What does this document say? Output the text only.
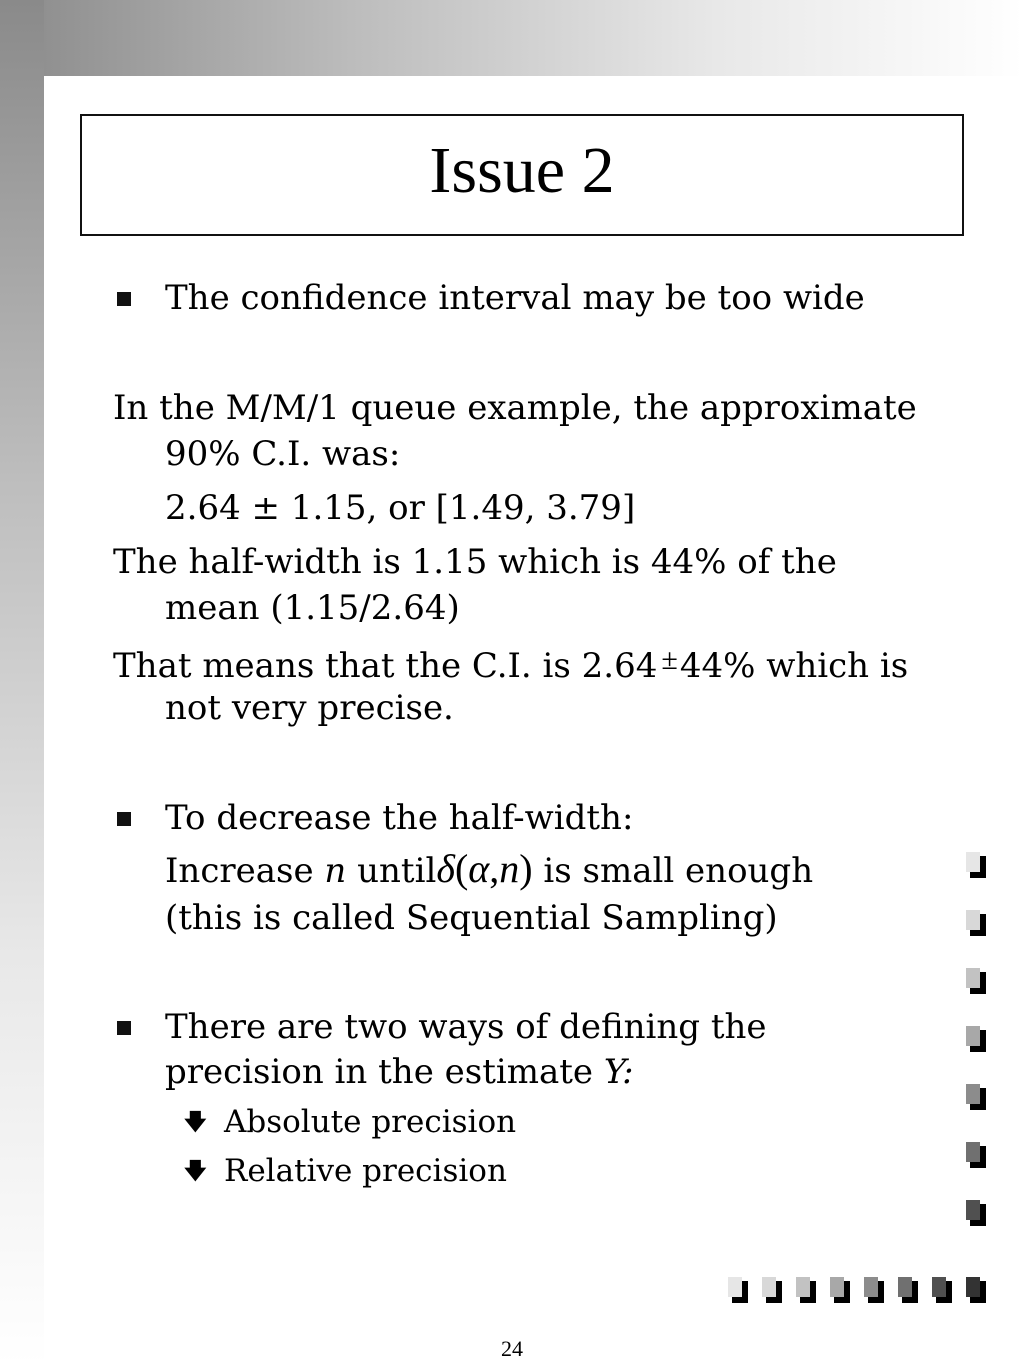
Issue 2
The confidence interval may be too wide
In the M/M/1 queue example, the approximate
90% C.I. was:
2.64 ± 1.15, or [1.49, 3.79]
The half-width is 1.15 which is 44% of the
mean (1.15/2.64)
That means that the C.I. is 2.64 ±44% which is
not very precise.
To decrease the half-width:
Increase n untilδ(α,n) is small enough
(this is called Sequential Sampling)
There are two ways of defining the
precision in the estimate Y:
🡇 Absolute precision
🡇 Relative precision
24
